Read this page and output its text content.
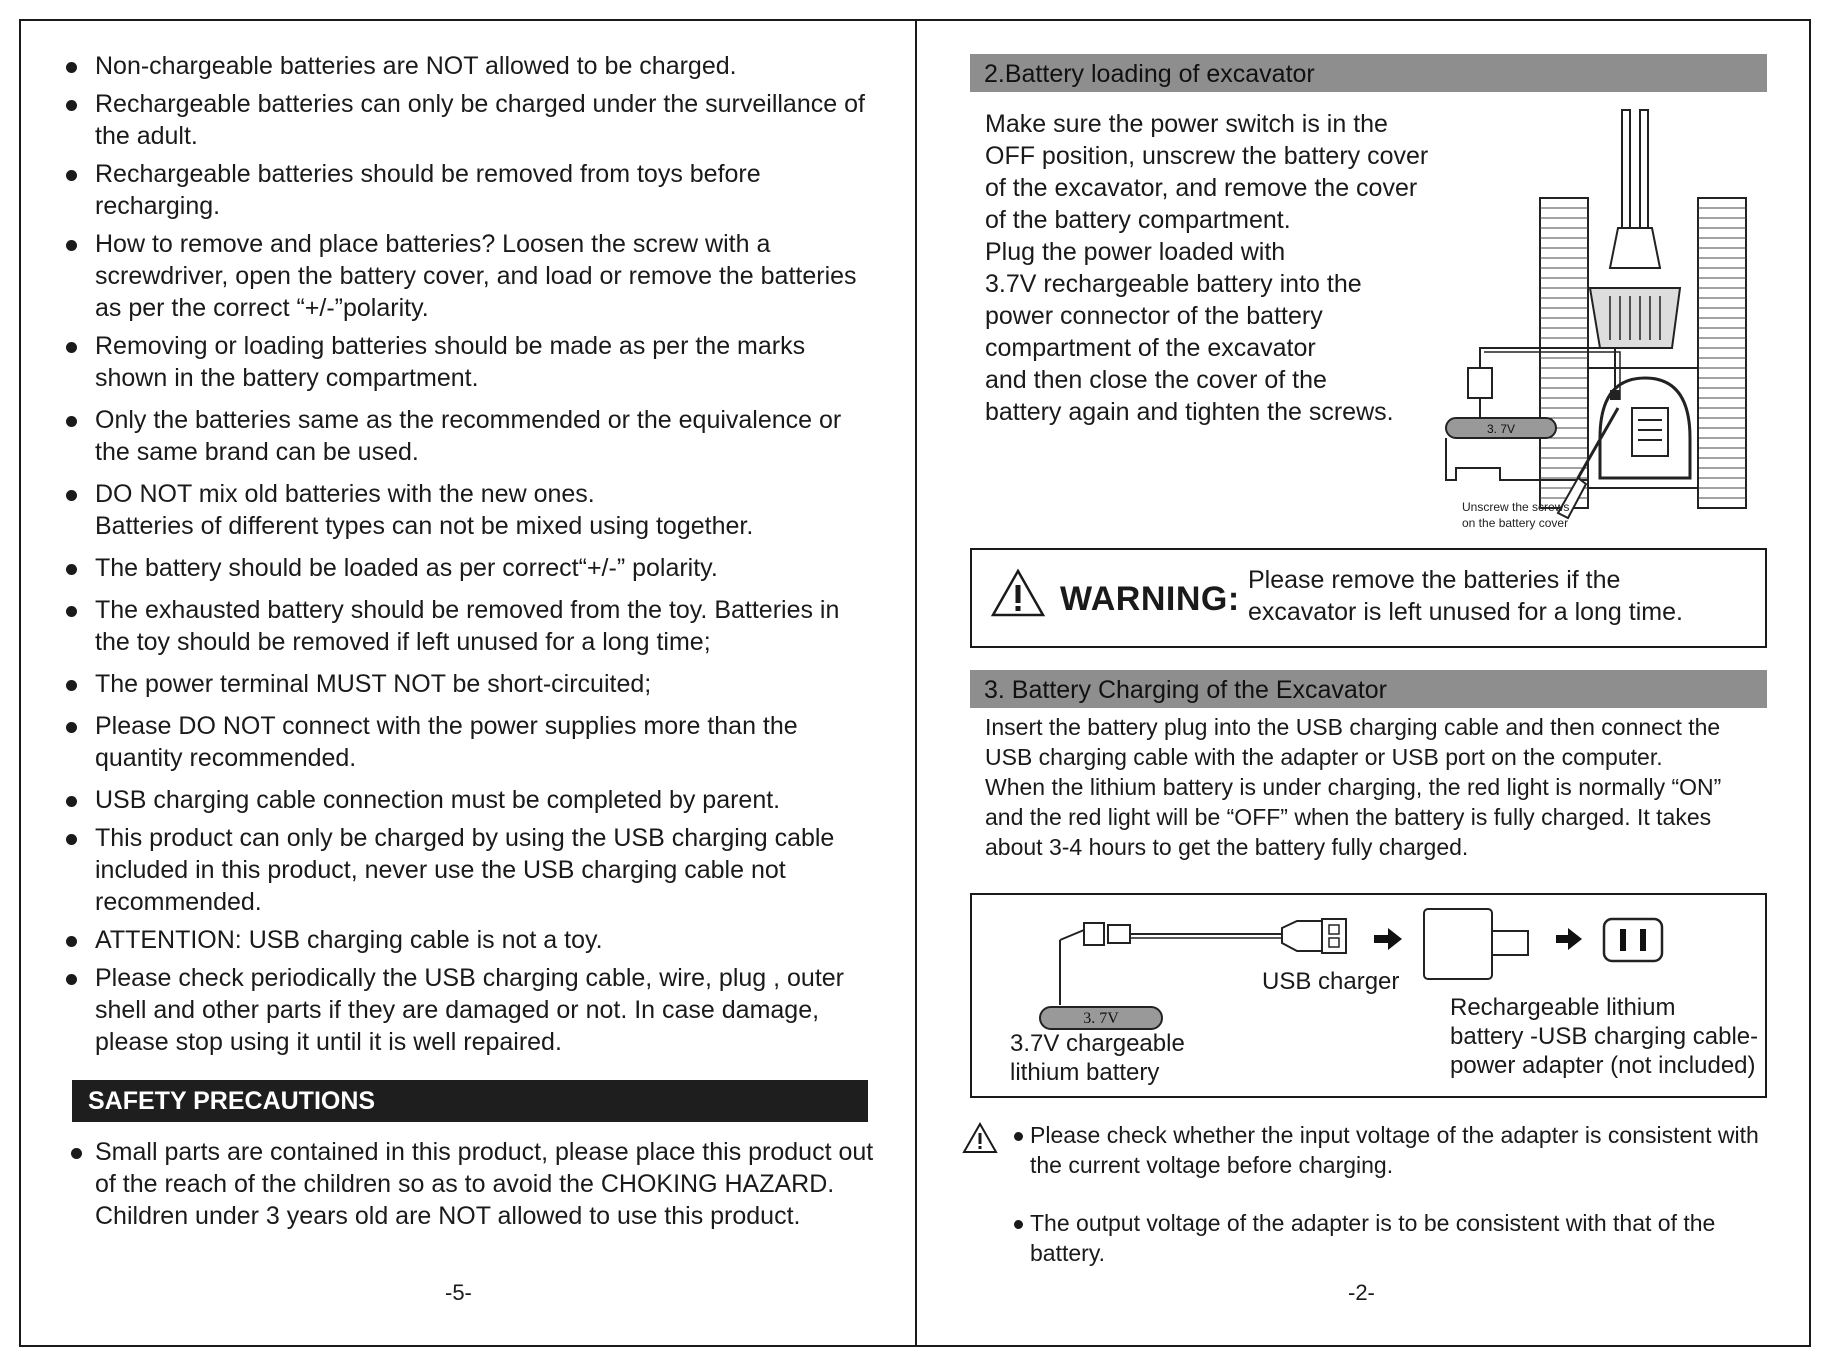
Non-chargeable batteries are NOT allowed to be charged.
Rechargeable batteries can only be charged under the surveillance of the adult.
Rechargeable batteries should be removed from toys before recharging.
How to remove and place batteries? Loosen the screw with a screwdriver, open the battery cover, and load or remove the batteries as per the correct “+/-”polarity.
Removing or loading batteries should be made as per the marks shown in the battery compartment.
Only the batteries same as the recommended or the equivalence or the same brand can be used.
DO NOT mix old batteries with the new ones.
Batteries of different types can not be mixed using together.
The battery should be loaded as per correct“+/-” polarity.
The exhausted battery should be removed from the toy. Batteries in the toy should be removed if left unused for a long time;
The power terminal MUST NOT be short-circuited;
Please DO NOT connect with the power supplies more than the quantity recommended.
USB charging cable connection must be completed by parent.
This product can only be charged by using the USB charging cable included in this product, never use the USB charging cable not recommended.
ATTENTION: USB charging cable is not a toy.
Please check periodically the USB charging cable, wire, plug , outer shell and other parts if they are damaged or not. In case damage, please stop using it until it is well repaired.
SAFETY PRECAUTIONS
Small parts are contained in this product, please place this product out of the reach of the children so as to avoid the CHOKING HAZARD. Children under 3 years old are NOT allowed to use this product.
-5-
2.Battery loading of excavator
Make sure the power switch is in the
OFF position, unscrew the battery cover
of the excavator, and remove the cover
of the battery compartment.
Plug the power loaded with
3.7V rechargeable battery into the
power connector of the battery
compartment of the excavator
and then close the cover of the
battery again and tighten the screws.
3. 7V
Unscrew the screws
on the battery cover
WARNING: Please remove the batteries if the
excavator is left unused for a long time.
3. Battery Charging of the Excavator
Insert the battery plug into the USB charging cable and then connect the
USB charging cable with the adapter or USB port on the computer.
When the lithium battery is under charging, the red light is normally “ON”
and the red light will be “OFF” when the battery is fully charged. It takes
about 3-4 hours to get the battery fully charged.
3. 7V
3.7V chargeable
lithium battery
USB charger
Rechargeable lithium
battery -USB charging cable-
power adapter (not included)
Please check whether the input voltage of the adapter is consistent with the current voltage before charging.
The output voltage of the adapter is to be consistent with that of the battery.
-2-
